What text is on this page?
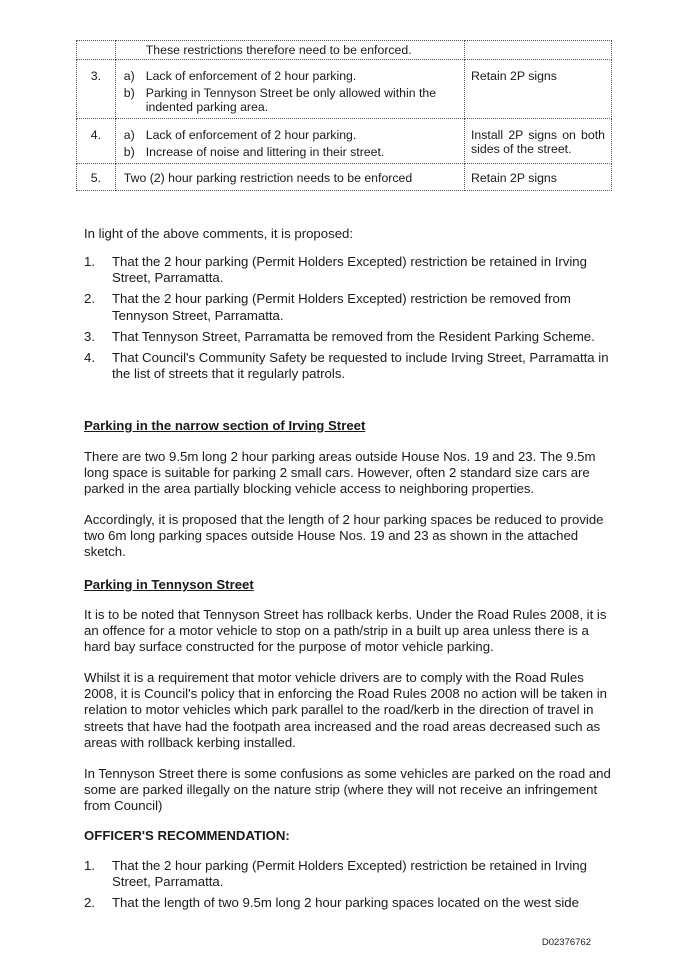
	These restrictions therefore need to be enforced.	

3.	a) Lack of enforcement of 2 hour parking.
b) Parking in Tennyson Street be only allowed within the indented parking area.	Retain 2P signs
4.	a) Lack of enforcement of 2 hour parking.
b) Increase of noise and littering in their street.	Install 2P signs on both sides of the street.
5.	Two (2) hour parking restriction needs to be enforced	Retain 2P signs
In light of the above comments, it is proposed:
1.	That the 2 hour parking (Permit Holders Excepted) restriction be retained in Irving Street, Parramatta.
2.	That the 2 hour parking (Permit Holders Excepted) restriction be removed from Tennyson Street, Parramatta.
3.	That Tennyson Street, Parramatta be removed from the Resident Parking Scheme.
4.	That Council's Community Safety be requested to include Irving Street, Parramatta in the list of streets that it regularly patrols.
Parking in the narrow section of Irving Street
There are two 9.5m long 2 hour parking areas outside House Nos. 19 and 23. The 9.5m long space is suitable for parking 2 small cars. However, often 2 standard size cars are parked in the area partially blocking vehicle access to neighboring properties.
Accordingly, it is proposed that the length of 2 hour parking spaces be reduced to provide two 6m long parking spaces outside House Nos. 19 and 23 as shown in the attached sketch.
Parking in Tennyson Street
It is to be noted that Tennyson Street has rollback kerbs. Under the Road Rules 2008, it is an offence for a motor vehicle to stop on a path/strip in a built up area unless there is a hard bay surface constructed for the purpose of motor vehicle parking.
Whilst it is a requirement that motor vehicle drivers are to comply with the Road Rules 2008, it is Council's policy that in enforcing the Road Rules 2008 no action will be taken in relation to motor vehicles which park parallel to the road/kerb in the direction of travel in streets that have had the footpath area increased and the road areas decreased such as areas with rollback kerbing installed.
In Tennyson Street there is some confusions as some vehicles are parked on the road and some are parked illegally on the nature strip (where they will not receive an infringement from Council)
OFFICER'S RECOMMENDATION:
1.	That the 2 hour parking (Permit Holders Excepted) restriction be retained in Irving Street, Parramatta.
2.	That the length of two 9.5m long 2 hour parking spaces located on the west side
D02376762
